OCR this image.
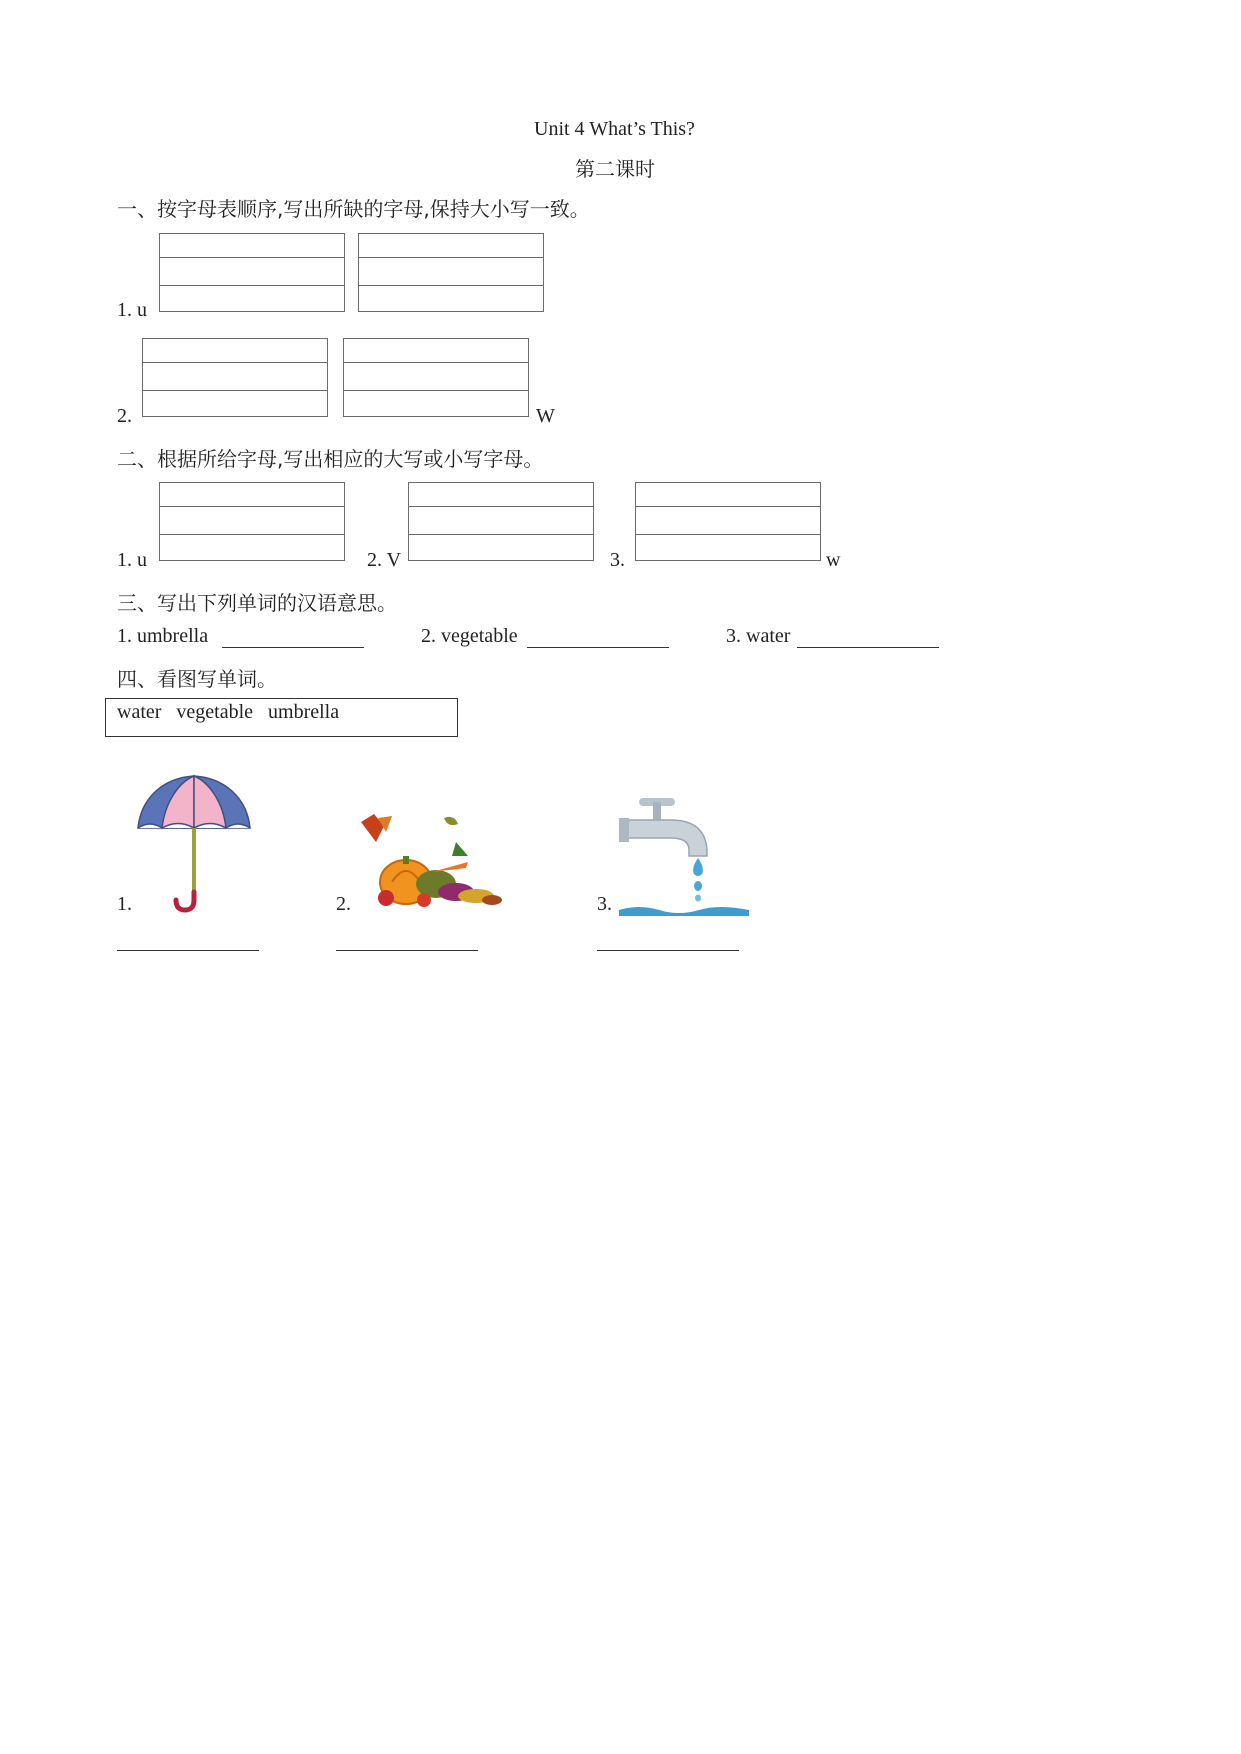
Unit 4 What’s This?
第二课时
一、按字母表顺序,写出所缺的字母,保持大小写一致。
1. u
2.	W
二、根据所给字母,写出相应的大写或小写字母。
1. u	2. V	3.	w
三、写出下列单词的汉语意思。
1. umbrella	2. vegetable	3. water
四、看图写单词。
water   vegetable   umbrella
1.	2.	3.
